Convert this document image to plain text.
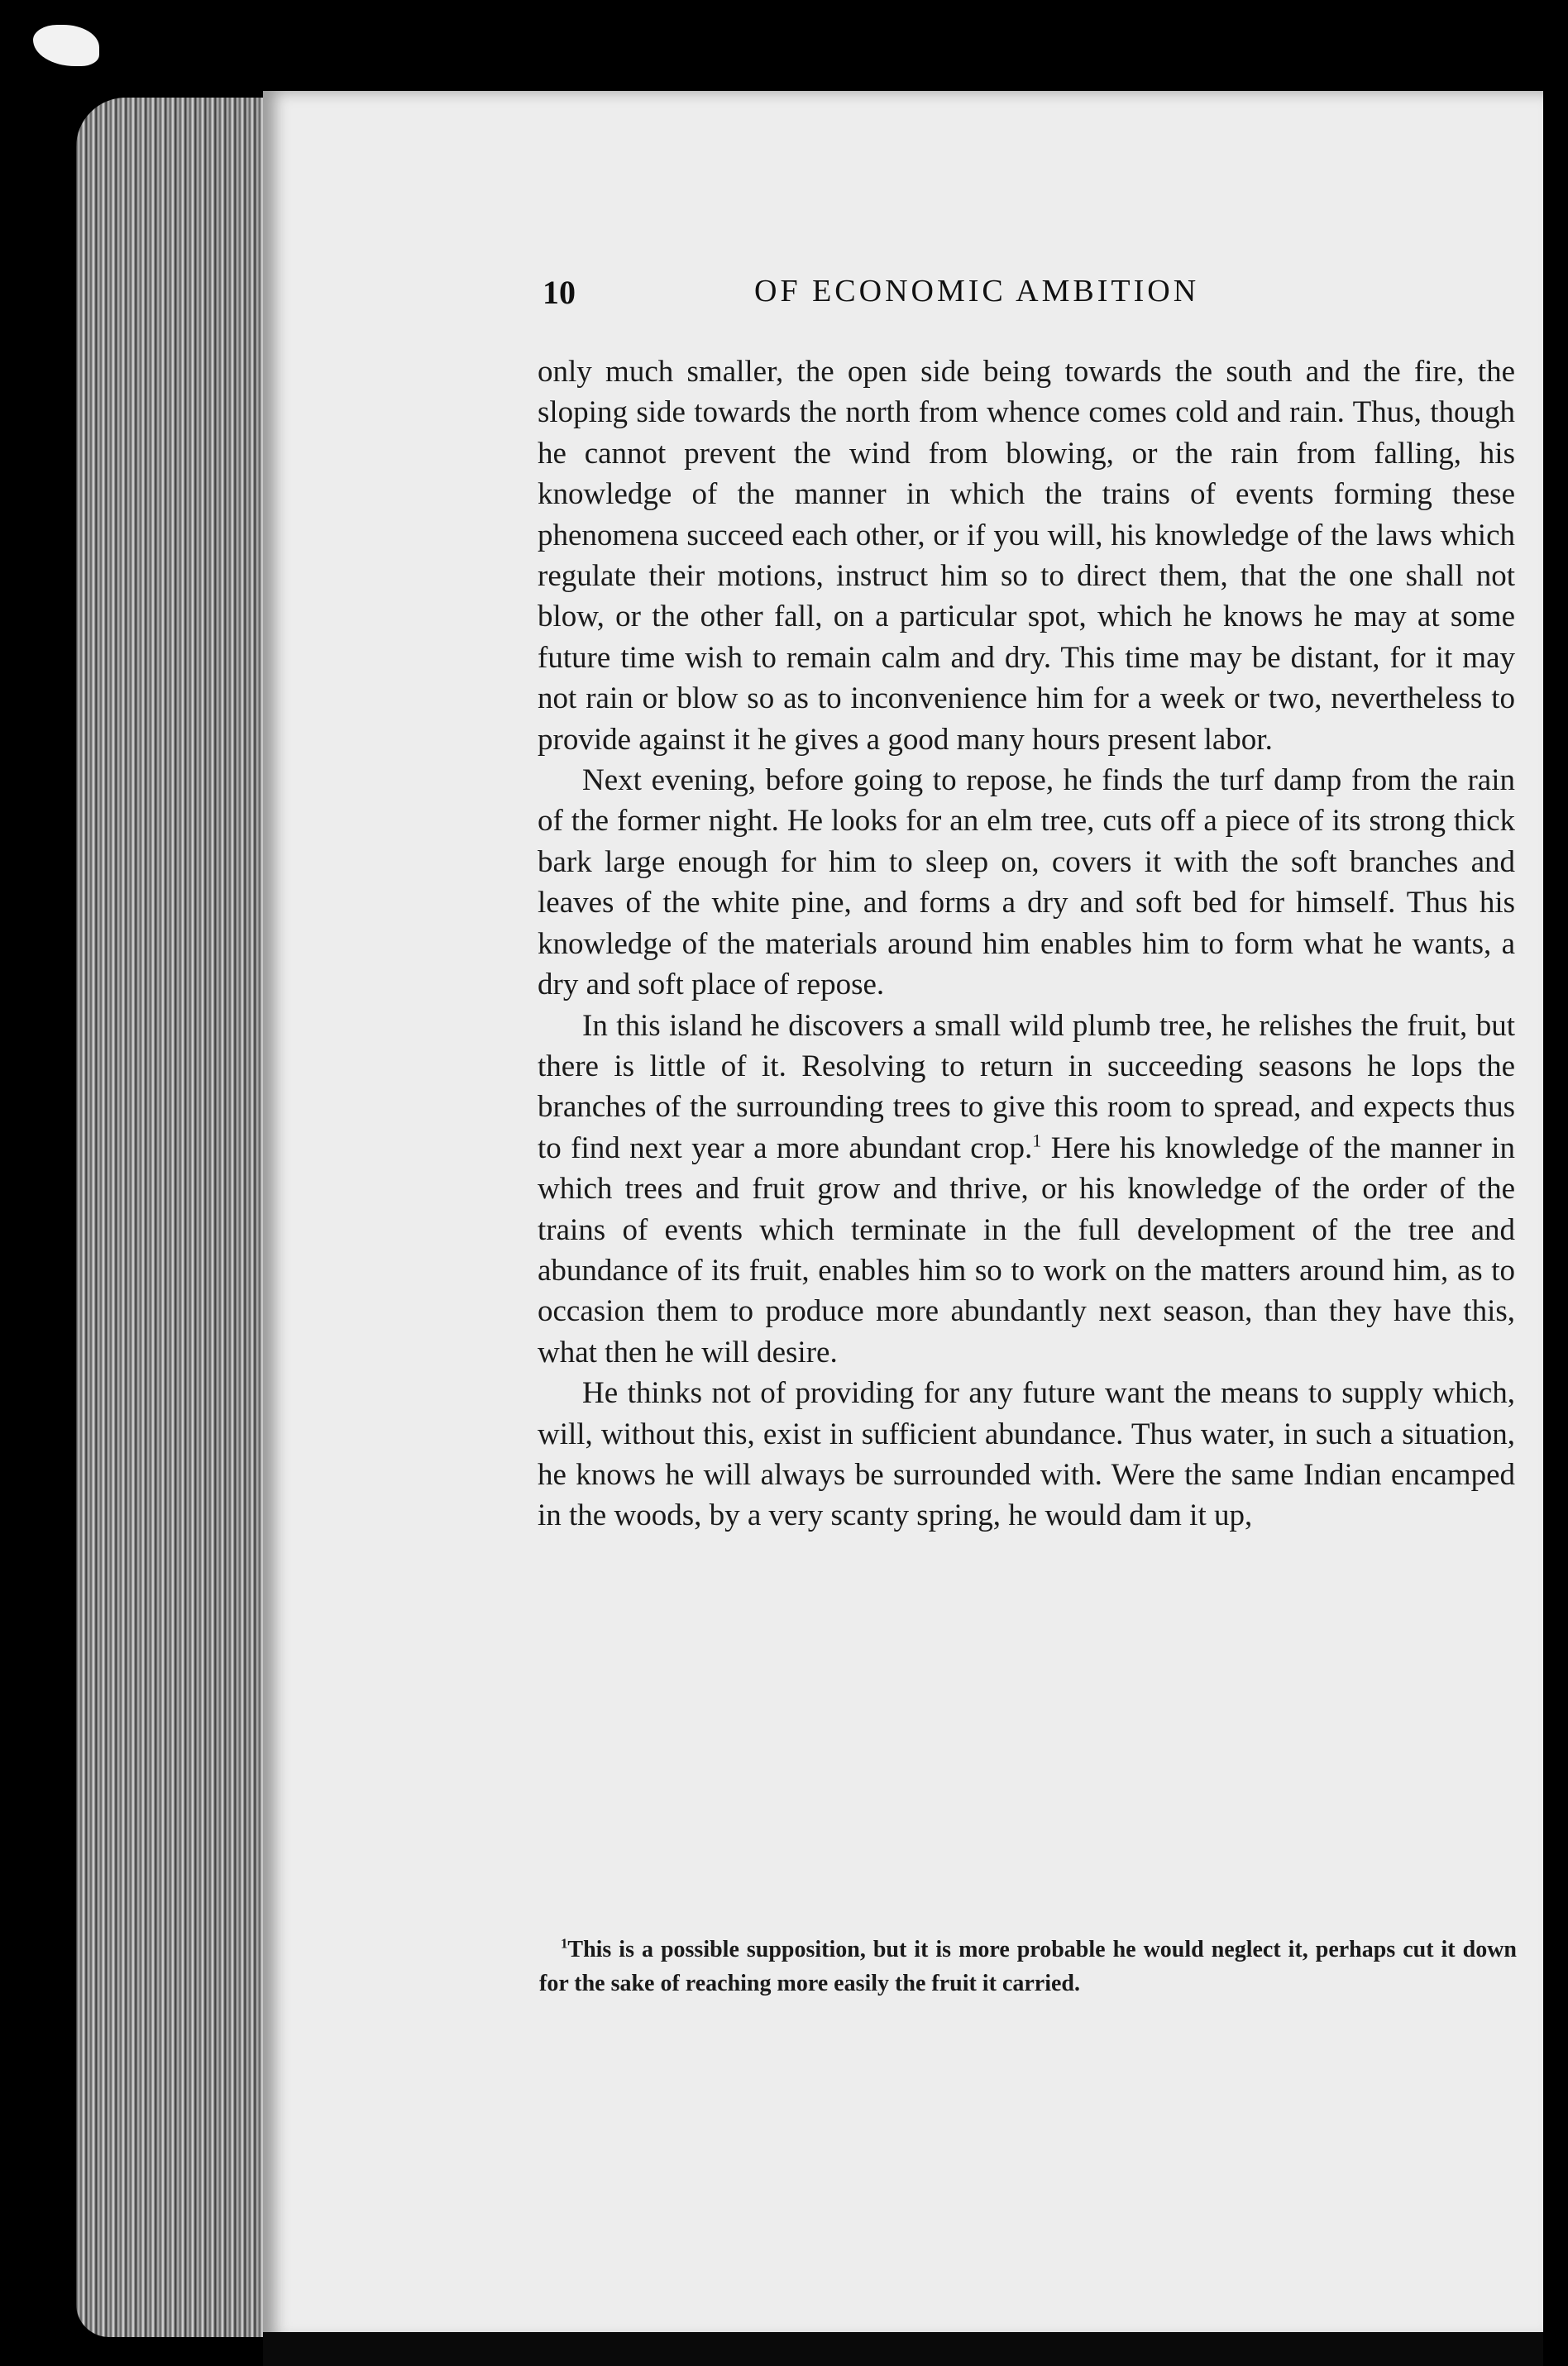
10	OF ECONOMIC AMBITION

only much smaller, the open side being towards the south and the fire, the sloping side towards the north from whence comes cold and rain. Thus, though he cannot prevent the wind from blowing, or the rain from falling, his knowledge of the manner in which the trains of events forming these phenomena succeed each other, or if you will, his knowledge of the laws which regulate their motions, instruct him so to direct them, that the one shall not blow, or the other fall, on a particular spot, which he knows he may at some future time wish to remain calm and dry. This time may be distant, for it may not rain or blow so as to inconvenience him for a week or two, nevertheless to provide against it he gives a good many hours present labor.

Next evening, before going to repose, he finds the turf damp from the rain of the former night. He looks for an elm tree, cuts off a piece of its strong thick bark large enough for him to sleep on, covers it with the soft branches and leaves of the white pine, and forms a dry and soft bed for himself. Thus his knowledge of the materials around him enables him to form what he wants, a dry and soft place of repose.

In this island he discovers a small wild plumb tree, he relishes the fruit, but there is little of it. Resolving to return in succeeding seasons he lops the branches of the surrounding trees to give this room to spread, and expects thus to find next year a more abundant crop.$^1$ Here his knowledge of the manner in which trees and fruit grow and thrive, or his knowledge of the order of the trains of events which terminate in the full development of the tree and abundance of its fruit, enables him so to work on the matters around him, as to occasion them to produce more abundantly next season, than they have this, what then he will desire.

He thinks not of providing for any future want the means to supply which, will, without this, exist in sufficient abundance. Thus water, in such a situation, he knows he will always be surrounded with. Were the same Indian encamped in the woods, by a very scanty spring, he would dam it up,

$^1$This is a possible supposition, but it is more probable he would neglect it, perhaps cut it down for the sake of reaching more easily the fruit it carried.
